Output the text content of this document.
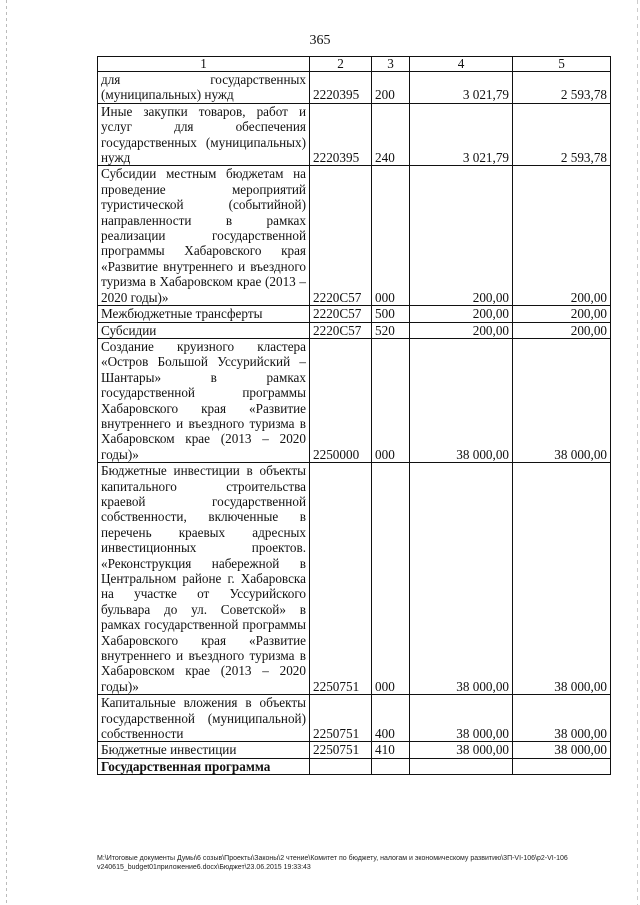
365
1	2	3	4	5
для государственных (муниципальных) нужд	2220395	200	3 021,79	2 593,78
Иные закупки товаров, работ и услуг для обеспечения государственных (муниципальных) нужд	2220395	240	3 021,79	2 593,78
Субсидии местным бюджетам на проведение мероприятий туристической (событийной) направленности в рамках реализации государственной программы Хабаровского края «Развитие внутреннего и въездного туризма в Хабаровском крае (2013 – 2020 годы)»	2220С57	000	200,00	200,00
Межбюджетные трансферты	2220С57	500	200,00	200,00
Субсидии	2220С57	520	200,00	200,00
Создание круизного кластера «Остров Большой Уссурийский – Шантары» в рамках государственной программы Хабаровского края «Развитие внутреннего и въездного туризма в Хабаровском крае (2013 – 2020 годы)»	2250000	000	38 000,00	38 000,00
Бюджетные инвестиции в объекты капитального строительства краевой государственной собственности, включенные в перечень краевых адресных инвестиционных проектов. «Реконструкция набережной в Центральном районе г. Хабаровска на участке от Уссурийского бульвара до ул. Советской» в рамках государственной программы Хабаровского края «Развитие внутреннего и въездного туризма в Хабаровском крае (2013 – 2020 годы)»	2250751	000	38 000,00	38 000,00
Капитальные вложения в объекты государственной (муниципальной) собственности	2250751	400	38 000,00	38 000,00
Бюджетные инвестиции	2250751	410	38 000,00	38 000,00
Государственная программа				
М:\Итоговые документы Думы\6 созыв\Проекты\Законы\2 чтение\Комитет по бюджету, налогам и экономическому развитию\3П-VI-106\р2-VI-106 v240615_budget01приложение6.docx\Бюджет\23.06.2015 19:33:43
